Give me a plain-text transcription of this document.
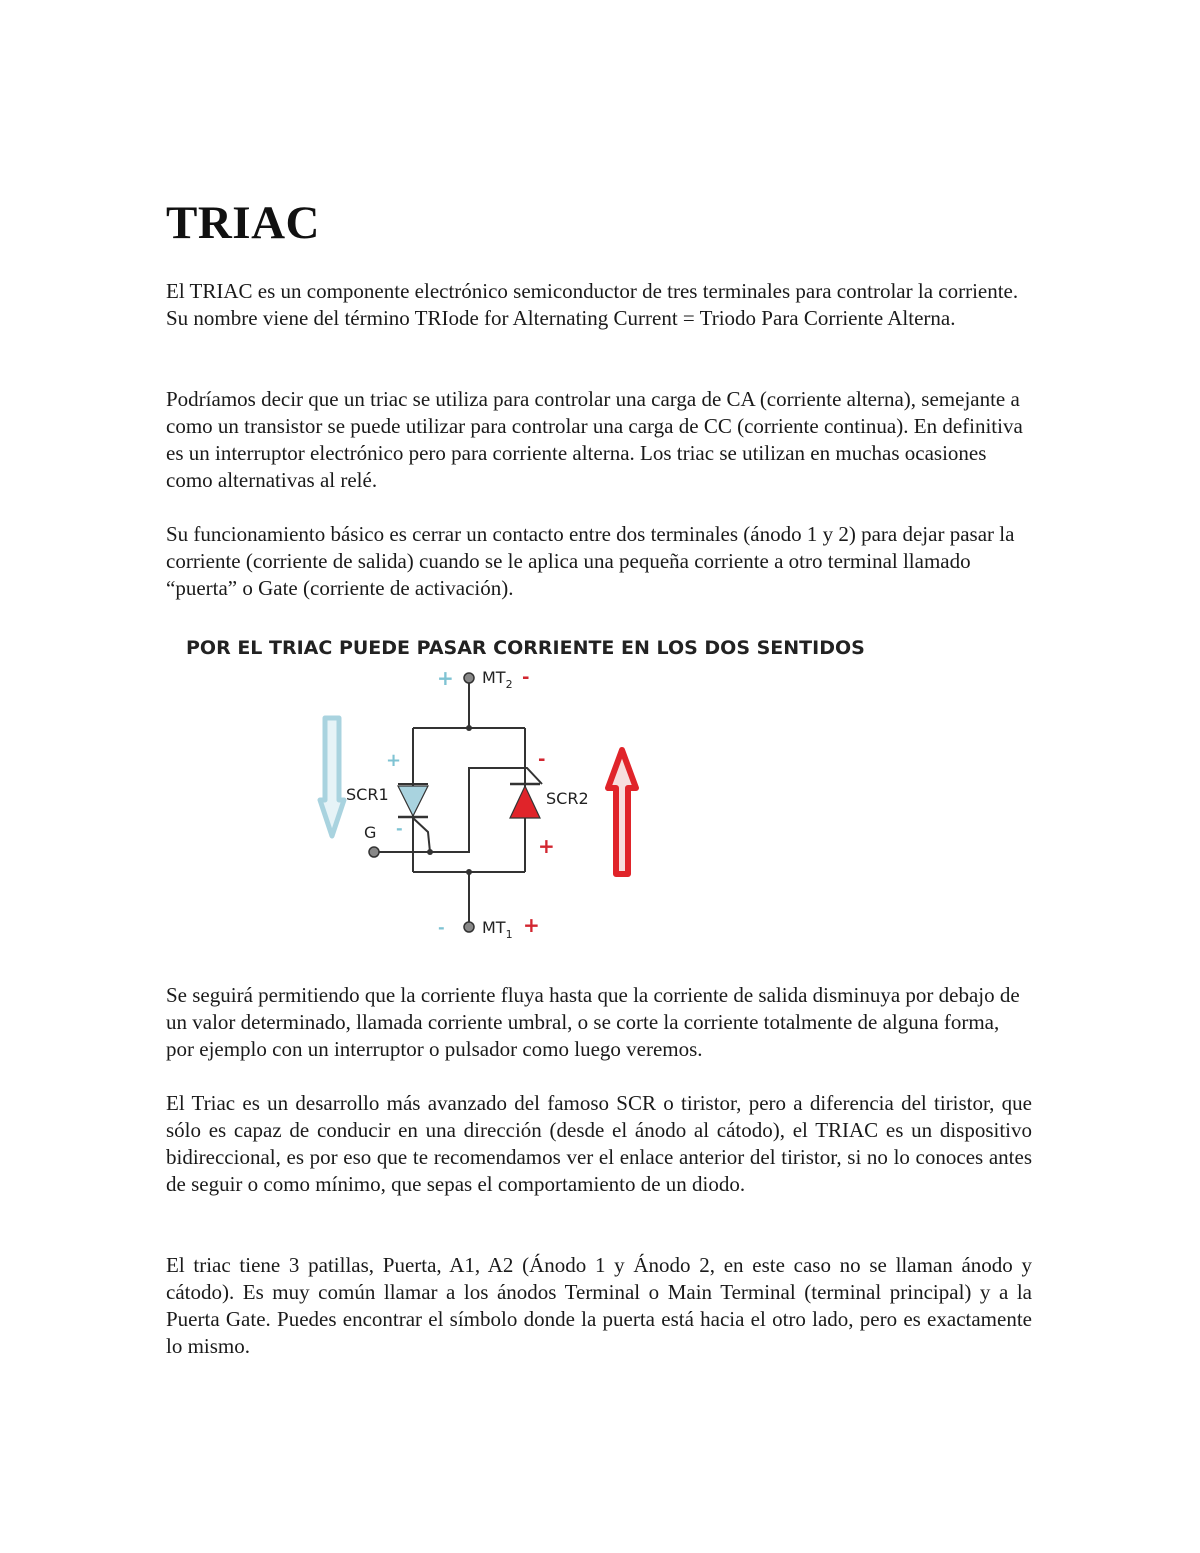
TRIAC

El TRIAC es un componente electrónico semiconductor de tres terminales para controlar la corriente. Su nombre viene del término TRIode for Alternating Current = Triodo Para Corriente Alterna.

Podríamos decir que un triac se utiliza para controlar una carga de CA (corriente alterna), semejante a como un transistor se puede utilizar para controlar una carga de CC (corriente continua). En definitiva es un interruptor electrónico pero para corriente alterna. Los triac se utilizan en muchas ocasiones como alternativas al relé.

Su funcionamiento básico es cerrar un contacto entre dos terminales (ánodo 1 y 2) para dejar pasar la corriente (corriente de salida) cuando se le aplica una pequeña corriente a otro terminal llamado “puerta” o Gate (corriente de activación).

POR EL TRIAC PUEDE PASAR CORRIENTE EN LOS DOS SENTIDOS
$MT_2$
$MT_1$
SCR1	SCR2
G
+	-
+
-
-
+
-	+

Se seguirá permitiendo que la corriente fluya hasta que la corriente de salida disminuya por debajo de un valor determinado, llamada corriente umbral, o se corte la corriente totalmente de alguna forma, por ejemplo con un interruptor o pulsador como luego veremos.

El Triac es un desarrollo más avanzado del famoso SCR o tiristor, pero a diferencia del tiristor, que sólo es capaz de conducir en una dirección (desde el ánodo al cátodo), el TRIAC es un dispositivo bidireccional, es por eso que te recomendamos ver el enlace anterior del tiristor, si no lo conoces antes de seguir o como mínimo, que sepas el comportamiento de un diodo.

El triac tiene 3 patillas, Puerta, A1, A2 (Ánodo 1 y Ánodo 2, en este caso no se llaman ánodo y cátodo). Es muy común llamar a los ánodos Terminal o Main Terminal (terminal principal) y a la Puerta Gate. Puedes encontrar el símbolo donde la puerta está hacia el otro lado, pero es exactamente lo mismo.
